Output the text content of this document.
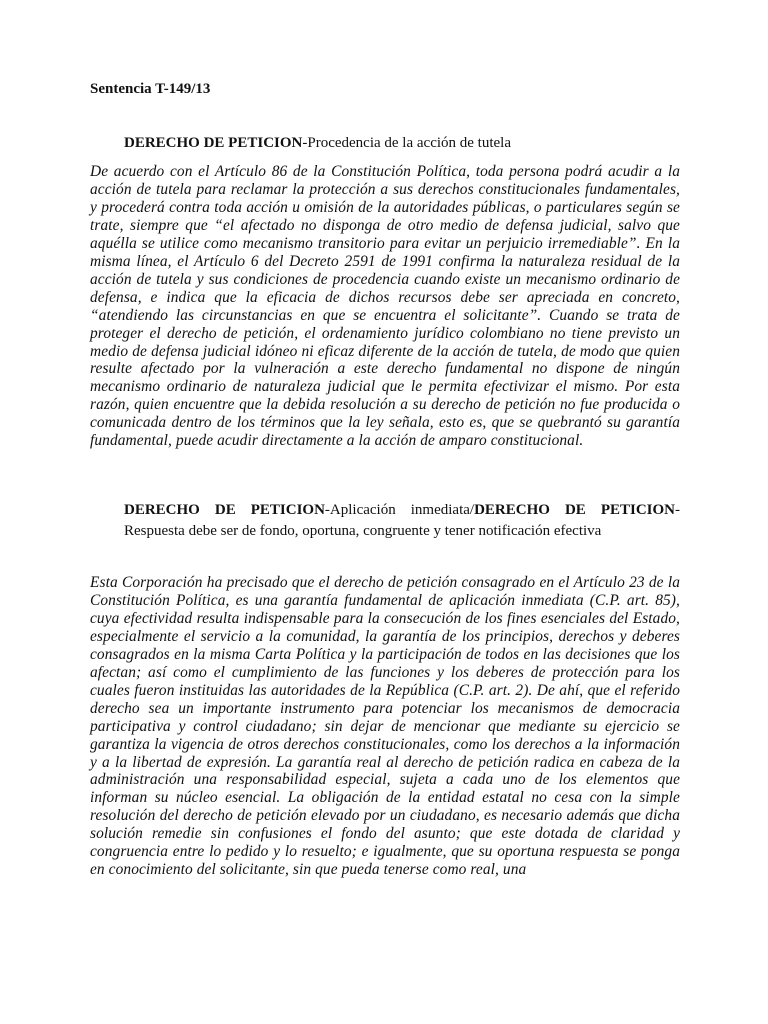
Sentencia T-149/13

DERECHO DE PETICION-Procedencia de la acción de tutela

De acuerdo con el Artículo 86 de la Constitución Política, toda persona podrá acudir a la acción de tutela para reclamar la protección a sus derechos constitucionales fundamentales, y procederá contra toda acción u omisión de la autoridades públicas, o particulares según se trate, siempre que “el afectado no disponga de otro medio de defensa judicial, salvo que aquélla se utilice como mecanismo transitorio para evitar un perjuicio irremediable”. En la misma línea, el Artículo 6 del Decreto 2591 de 1991 confirma la naturaleza residual de la acción de tutela y sus condiciones de procedencia cuando existe un mecanismo ordinario de defensa, e indica que la eficacia de dichos recursos debe ser apreciada en concreto, “atendiendo las circunstancias en que se encuentra el solicitante”. Cuando se trata de proteger el derecho de petición, el ordenamiento jurídico colombiano no tiene previsto un medio de defensa judicial idóneo ni eficaz diferente de la acción de tutela, de modo que quien resulte afectado por la vulneración a este derecho fundamental no dispone de ningún mecanismo ordinario de naturaleza judicial que le permita efectivizar el mismo. Por esta razón, quien encuentre que la debida resolución a su derecho de petición no fue producida o comunicada dentro de los términos que la ley señala, esto es, que se quebrantó su garantía fundamental, puede acudir directamente a la acción de amparo constitucional.

DERECHO DE PETICION-Aplicación inmediata/DERECHO DE PETICION-Respuesta debe ser de fondo, oportuna, congruente y tener notificación efectiva

Esta Corporación ha precisado que el derecho de petición consagrado en el Artículo 23 de la Constitución Política, es una garantía fundamental de aplicación inmediata (C.P. art. 85), cuya efectividad resulta indispensable para la consecución de los fines esenciales del Estado, especialmente el servicio a la comunidad, la garantía de los principios, derechos y deberes consagrados en la misma Carta Política y la participación de todos en las decisiones que los afectan; así como el cumplimiento de las funciones y los deberes de protección para los cuales fueron instituidas las autoridades de la República (C.P. art. 2). De ahí, que el referido derecho sea un importante instrumento para potenciar los mecanismos de democracia participativa y control ciudadano; sin dejar de mencionar que mediante su ejercicio se garantiza la vigencia de otros derechos constitucionales, como los derechos a la información y a la libertad de expresión. La garantía real al derecho de petición radica en cabeza de la administración una responsabilidad especial, sujeta a cada uno de los elementos que informan su núcleo esencial. La obligación de la entidad estatal no cesa con la simple resolución del derecho de petición elevado por un ciudadano, es necesario además que dicha solución remedie sin confusiones el fondo del asunto; que este dotada de claridad y congruencia entre lo pedido y lo resuelto; e igualmente, que su oportuna respuesta se ponga en conocimiento del solicitante, sin que pueda tenerse como real, una
